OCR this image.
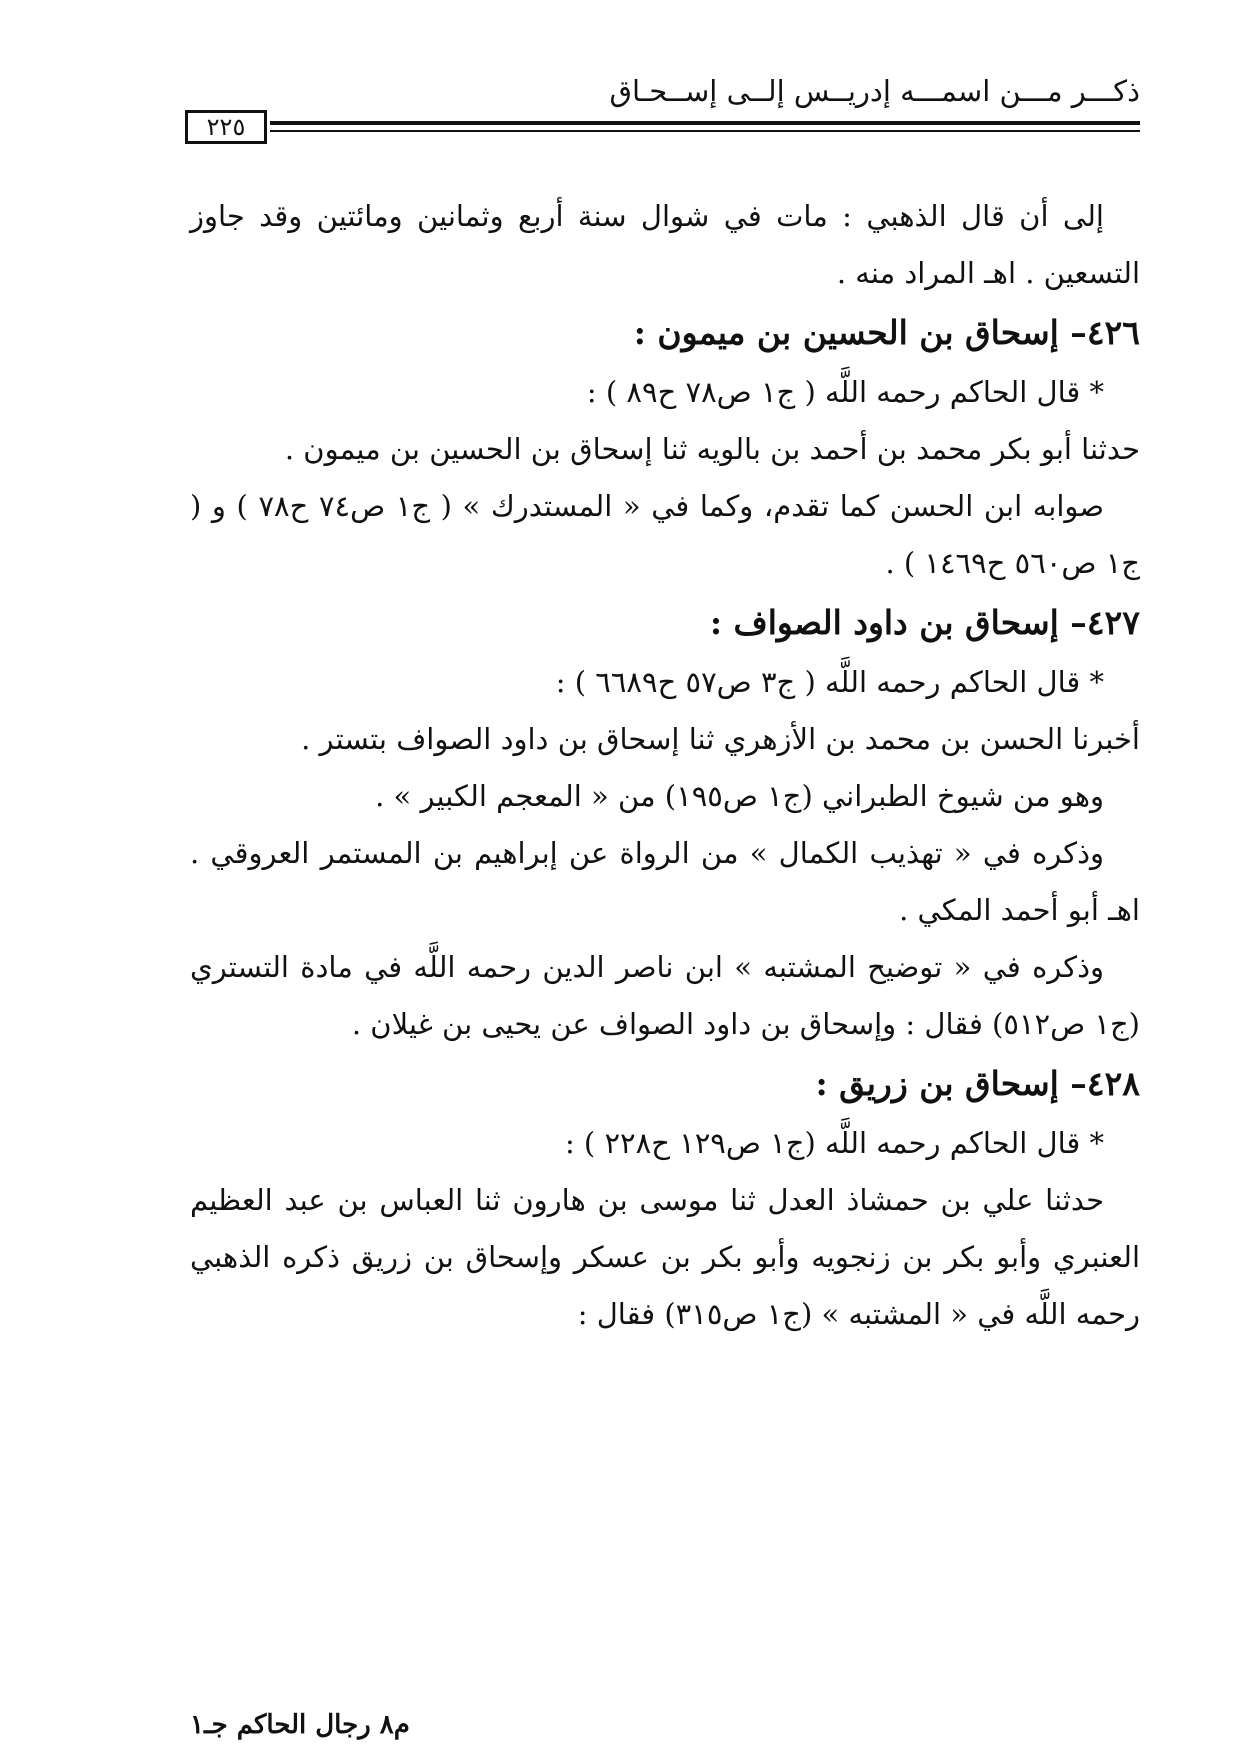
ذكـــر مـــن اسمـــه إدريــس إلــى إســحـاق
٢٢٥

إلى أن قال الذهبي : مات في شوال سنة أربع وثمانين ومائتين وقد جاوز التسعين . اهـ المراد منه .

٤٢٦– إسحاق بن الحسين بن ميمون :

* قال الحاكم رحمه اللَّه ( ج١ ص٧٨ ح٨٩ ) :

حدثنا أبو بكر محمد بن أحمد بن بالويه ثنا إسحاق بن الحسين بن ميمون .

صوابه ابن الحسن كما تقدم، وكما في « المستدرك » ( ج١ ص٧٤ ح٧٨ ) و ( ج١ ص٥٦٠ ح١٤٦٩ ) .

٤٢٧– إسحاق بن داود الصواف :

* قال الحاكم رحمه اللَّه ( ج٣ ص٥٧ ح٦٦٨٩ ) :

أخبرنا الحسن بن محمد بن الأزهري ثنا إسحاق بن داود الصواف بتستر .

وهو من شيوخ الطبراني (ج١ ص١٩٥) من « المعجم الكبير » .

وذكره في « تهذيب الكمال » من الرواة عن إبراهيم بن المستمر العروقي . اهـ أبو أحمد المكي .

وذكره في « توضيح المشتبه » ابن ناصر الدين رحمه اللَّه في مادة التستري (ج١ ص٥١٢) فقال : وإسحاق بن داود الصواف عن يحيى بن غيلان .

٤٢٨– إسحاق بن زريق :

* قال الحاكم رحمه اللَّه (ج١ ص١٢٩ ح٢٢٨ ) :

حدثنا علي بن حمشاذ العدل ثنا موسى بن هارون ثنا العباس بن عبد العظيم العنبري وأبو بكر بن زنجويه وأبو بكر بن عسكر وإسحاق بن زريق ذكره الذهبي رحمه اللَّه في « المشتبه » (ج١ ص٣١٥) فقال :

م٨ رجال الحاكم جـ١
